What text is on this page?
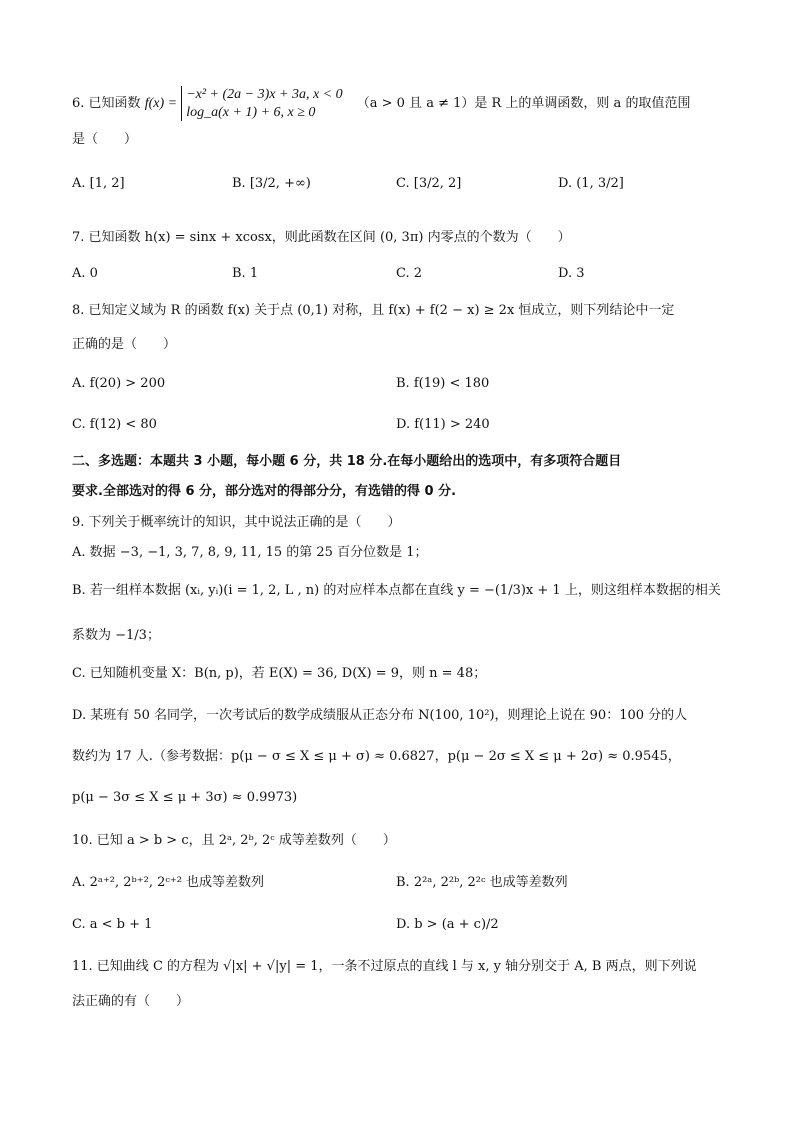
6. 已知函数 f(x) =
−x² + (2a − 3)x + 3a, x < 0
log_a(x + 1) + 6, x ≥ 0
（a > 0 且 a ≠ 1）是 R 上的单调函数，则 a 的取值范围
是（　　）
A. [1, 2]	B. [3/2, +∞)	C. [3/2, 2]	D. (1, 3/2]
7. 已知函数 h(x) = sinx + xcosx，则此函数在区间 (0, 3π) 内零点的个数为（　　）
A. 0	B. 1	C. 2	D. 3
8. 已知定义域为 R 的函数 f(x) 关于点 (0,1) 对称，且 f(x) + f(2 − x) ≥ 2x 恒成立，则下列结论中一定
正确的是（　　）
A. f(20) > 200	B. f(19) < 180
C. f(12) < 80	D. f(11) > 240
二、多选题：本题共 3 小题，每小题 6 分，共 18 分.在每小题给出的选项中，有多项符合题目
要求.全部选对的得 6 分，部分选对的得部分分，有选错的得 0 分.
9. 下列关于概率统计的知识，其中说法正确的是（　　）
A. 数据 −3, −1, 3, 7, 8, 9, 11, 15 的第 25 百分位数是 1；
B. 若一组样本数据 (xᵢ, yᵢ)(i = 1, 2, L , n) 的对应样本点都在直线 y = −(1/3)x + 1 上，则这组样本数据的相关
系数为 −1/3；
C. 已知随机变量 X：B(n, p)，若 E(X) = 36, D(X) = 9，则 n = 48；
D. 某班有 50 名同学，一次考试后的数学成绩服从正态分布 N(100, 10²)，则理论上说在 90：100 分的人
数约为 17 人.（参考数据：p(μ − σ ≤ X ≤ μ + σ) ≈ 0.6827，p(μ − 2σ ≤ X ≤ μ + 2σ) ≈ 0.9545，
p(μ − 3σ ≤ X ≤ μ + 3σ) ≈ 0.9973)
10. 已知 a > b > c，且 2ᵃ, 2ᵇ, 2ᶜ 成等差数列（　　）
A. 2ᵃ⁺², 2ᵇ⁺², 2ᶜ⁺² 也成等差数列	B. 2²ᵃ, 2²ᵇ, 2²ᶜ 也成等差数列
C. a < b + 1	D. b > (a + c)/2
11. 已知曲线 C 的方程为 √|x| + √|y| = 1，一条不过原点的直线 l 与 x, y 轴分别交于 A, B 两点，则下列说
法正确的有（　　）
